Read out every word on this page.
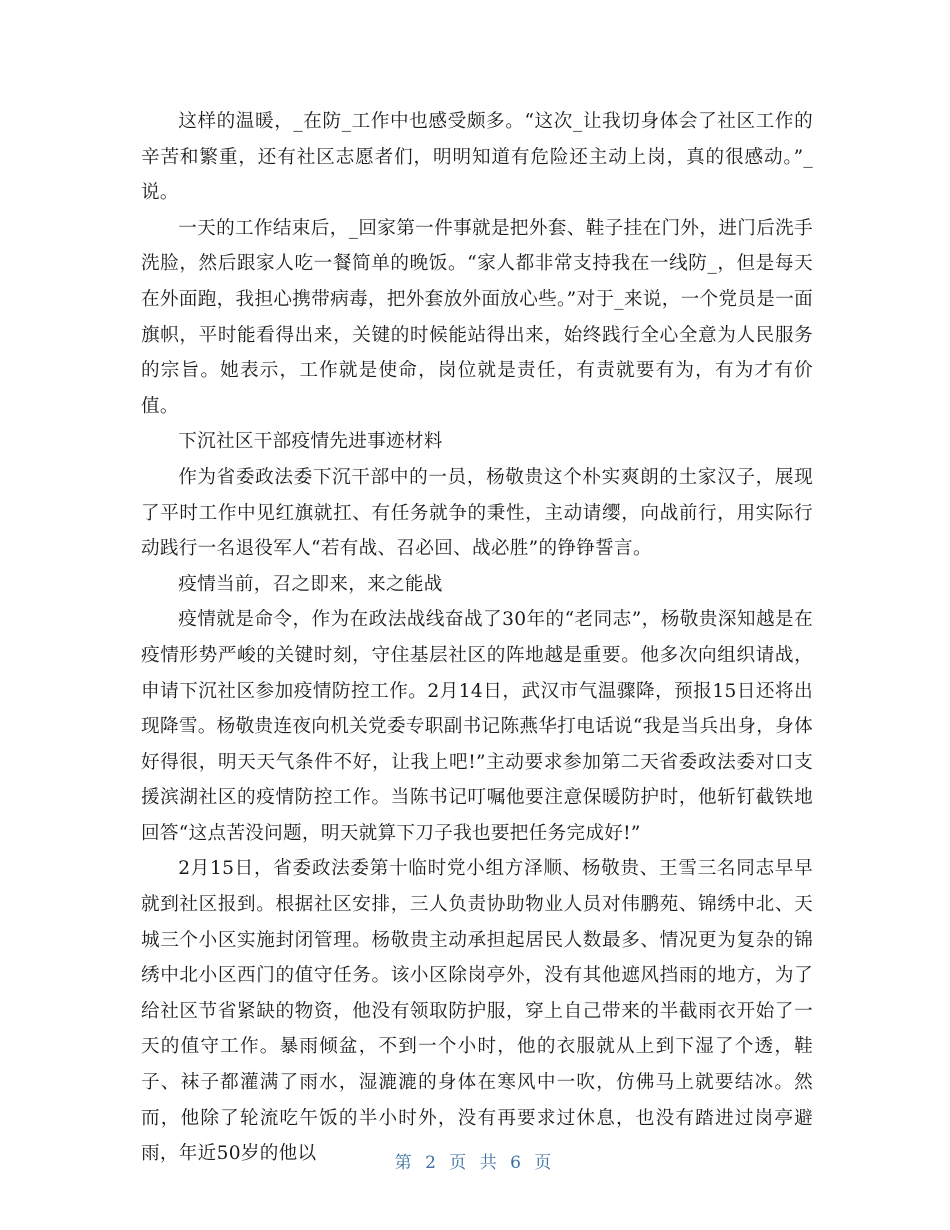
这样的温暖，_在防_工作中也感受颇多。“这次_让我切身体会了社区工作的辛苦和繁重，还有社区志愿者们，明明知道有危险还主动上岗，真的很感动。”_说。

一天的工作结束后，_回家第一件事就是把外套、鞋子挂在门外，进门后洗手洗脸，然后跟家人吃一餐简单的晚饭。“家人都非常支持我在一线防_，但是每天在外面跑，我担心携带病毒，把外套放外面放心些。”对于_来说，一个党员是一面旗帜，平时能看得出来，关键的时候能站得出来，始终践行全心全意为人民服务的宗旨。她表示，工作就是使命，岗位就是责任，有责就要有为，有为才有价值。

下沉社区干部疫情先进事迹材料

作为省委政法委下沉干部中的一员，杨敬贵这个朴实爽朗的土家汉子，展现了平时工作中见红旗就扛、有任务就争的秉性，主动请缨，向战前行，用实际行动践行一名退役军人“若有战、召必回、战必胜”的铮铮誓言。

疫情当前，召之即来，来之能战

疫情就是命令，作为在政法战线奋战了30年的“老同志”，杨敬贵深知越是在疫情形势严峻的关键时刻，守住基层社区的阵地越是重要。他多次向组织请战，申请下沉社区参加疫情防控工作。2月14日，武汉市气温骤降，预报15日还将出现降雪。杨敬贵连夜向机关党委专职副书记陈燕华打电话说“我是当兵出身，身体好得很，明天天气条件不好，让我上吧!”主动要求参加第二天省委政法委对口支援滨湖社区的疫情防控工作。当陈书记叮嘱他要注意保暖防护时，他斩钉截铁地回答“这点苦没问题，明天就算下刀子我也要把任务完成好!”

2月15日，省委政法委第十临时党小组方泽顺、杨敬贵、王雪三名同志早早就到社区报到。根据社区安排，三人负责协助物业人员对伟鹏苑、锦绣中北、天城三个小区实施封闭管理。杨敬贵主动承担起居民人数最多、情况更为复杂的锦绣中北小区西门的值守任务。该小区除岗亭外，没有其他遮风挡雨的地方，为了给社区节省紧缺的物资，他没有领取防护服，穿上自己带来的半截雨衣开始了一天的值守工作。暴雨倾盆，不到一个小时，他的衣服就从上到下湿了个透，鞋子、袜子都灌满了雨水，湿漉漉的身体在寒风中一吹，仿佛马上就要结冰。然而，他除了轮流吃午饭的半小时外，没有再要求过休息，也没有踏进过岗亭避雨，年近50岁的他以	第 2 页 共 6 页
